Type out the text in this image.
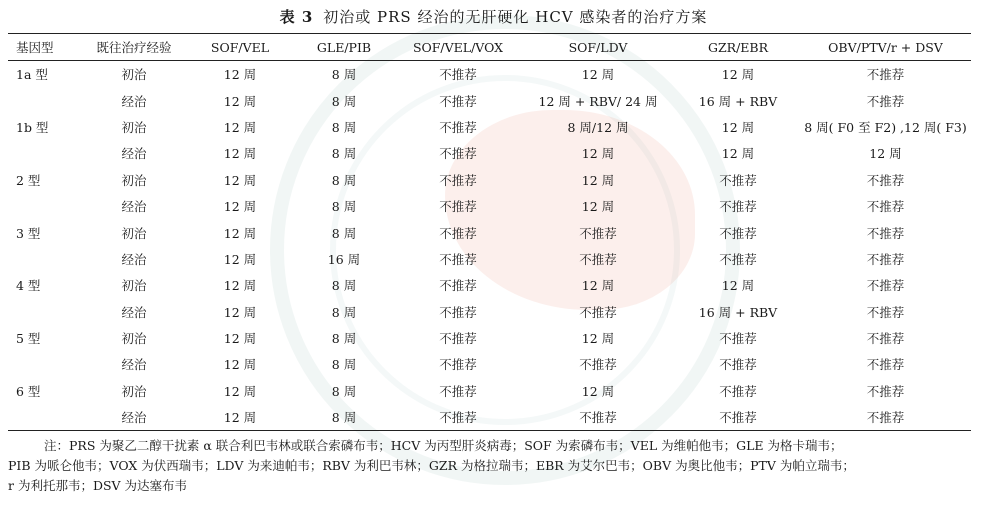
表 3 初治或 PRS 经治的无肝硬化 HCV 感染者的治疗方案
基因型	既往治疗经验	SOF/VEL	GLE/PIB	SOF/VEL/VOX	SOF/LDV	GZR/EBR	OBV/PTV/r + DSV
1a 型	初治	12 周	8 周	不推荐	12 周	12 周	不推荐
	经治	12 周	8 周	不推荐	12 周 + RBV/ 24 周	16 周 + RBV	不推荐
1b 型	初治	12 周	8 周	不推荐	8 周/12 周	12 周	8 周( F0 至 F2) ,12 周( F3)
	经治	12 周	8 周	不推荐	12 周	12 周	12 周
2 型	初治	12 周	8 周	不推荐	12 周	不推荐	不推荐
	经治	12 周	8 周	不推荐	12 周	不推荐	不推荐
3 型	初治	12 周	8 周	不推荐	不推荐	不推荐	不推荐
	经治	12 周	16 周	不推荐	不推荐	不推荐	不推荐
4 型	初治	12 周	8 周	不推荐	12 周	12 周	不推荐
	经治	12 周	8 周	不推荐	不推荐	16 周 + RBV	不推荐
5 型	初治	12 周	8 周	不推荐	12 周	不推荐	不推荐
	经治	12 周	8 周	不推荐	不推荐	不推荐	不推荐
6 型	初治	12 周	8 周	不推荐	12 周	不推荐	不推荐
	经治	12 周	8 周	不推荐	不推荐	不推荐	不推荐
注：PRS 为聚乙二醇干扰素 α 联合利巴韦林或联合索磷布韦；HCV 为丙型肝炎病毒；SOF 为索磷布韦；VEL 为维帕他韦；GLE 为格卡瑞韦；
PIB 为哌仑他韦；VOX 为伏西瑞韦；LDV 为来迪帕韦；RBV 为利巴韦林；GZR 为格拉瑞韦；EBR 为艾尔巴韦；OBV 为奥比他韦；PTV 为帕立瑞韦；
r 为利托那韦；DSV 为达塞布韦
